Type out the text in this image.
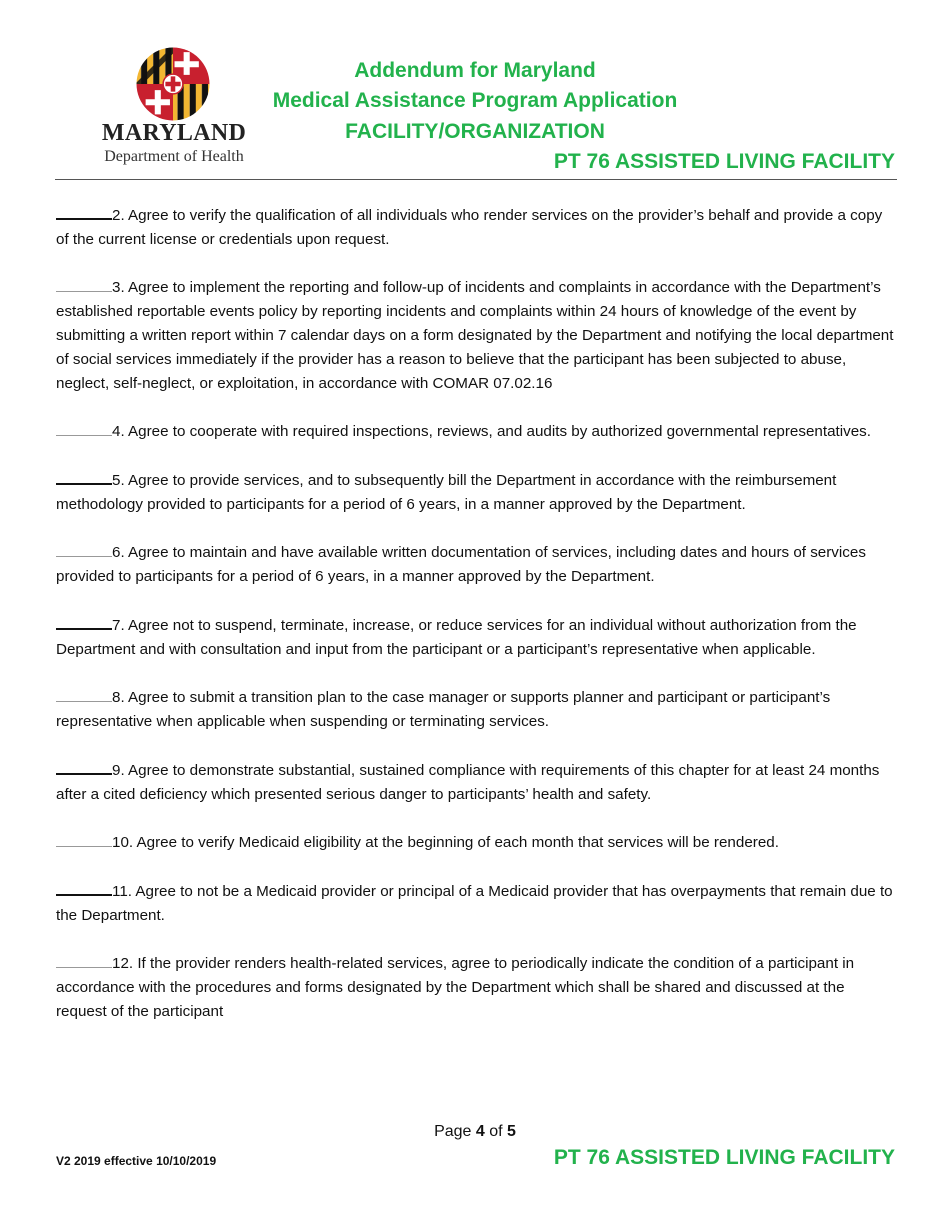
MARYLAND
Department of Health
Addendum for Maryland
Medical Assistance Program Application
FACILITY/ORGANIZATION
PT 76 ASSISTED LIVING FACILITY

2. Agree to verify the qualification of all individuals who render services on the provider’s behalf and provide a copy of the current license or credentials upon request.

3. Agree to implement the reporting and follow-up of incidents and complaints in accordance with the Department’s established reportable events policy by reporting incidents and complaints within 24 hours of knowledge of the event by submitting a written report within 7 calendar days on a form designated by the Department and notifying the local department of social services immediately if the provider has a reason to believe that the participant has been subjected to abuse, neglect, self-neglect, or exploitation, in accordance with COMAR 07.02.16

4. Agree to cooperate with required inspections, reviews, and audits by authorized governmental representatives.

5. Agree to provide services, and to subsequently bill the Department in accordance with the reimbursement methodology provided to participants for a period of 6 years, in a manner approved by the Department.

6. Agree to maintain and have available written documentation of services, including dates and hours of services provided to participants for a period of 6 years, in a manner approved by the Department.

7. Agree not to suspend, terminate, increase, or reduce services for an individual without authorization from the Department and with consultation and input from the participant or a participant’s representative when applicable.

8. Agree to submit a transition plan to the case manager or supports planner and participant or participant’s representative when applicable when suspending or terminating services.

9. Agree to demonstrate substantial, sustained compliance with requirements of this chapter for at least 24 months after a cited deficiency which presented serious danger to participants’ health and safety.

10. Agree to verify Medicaid eligibility at the beginning of each month that services will be rendered.

11. Agree to not be a Medicaid provider or principal of a Medicaid provider that has overpayments that remain due to the Department.

12. If the provider renders health-related services, agree to periodically indicate the condition of a participant in accordance with the procedures and forms designated by the Department which shall be shared and discussed at the request of the participant

Page 4 of 5
V2 2019 effective 10/10/2019	PT 76 ASSISTED LIVING FACILITY
